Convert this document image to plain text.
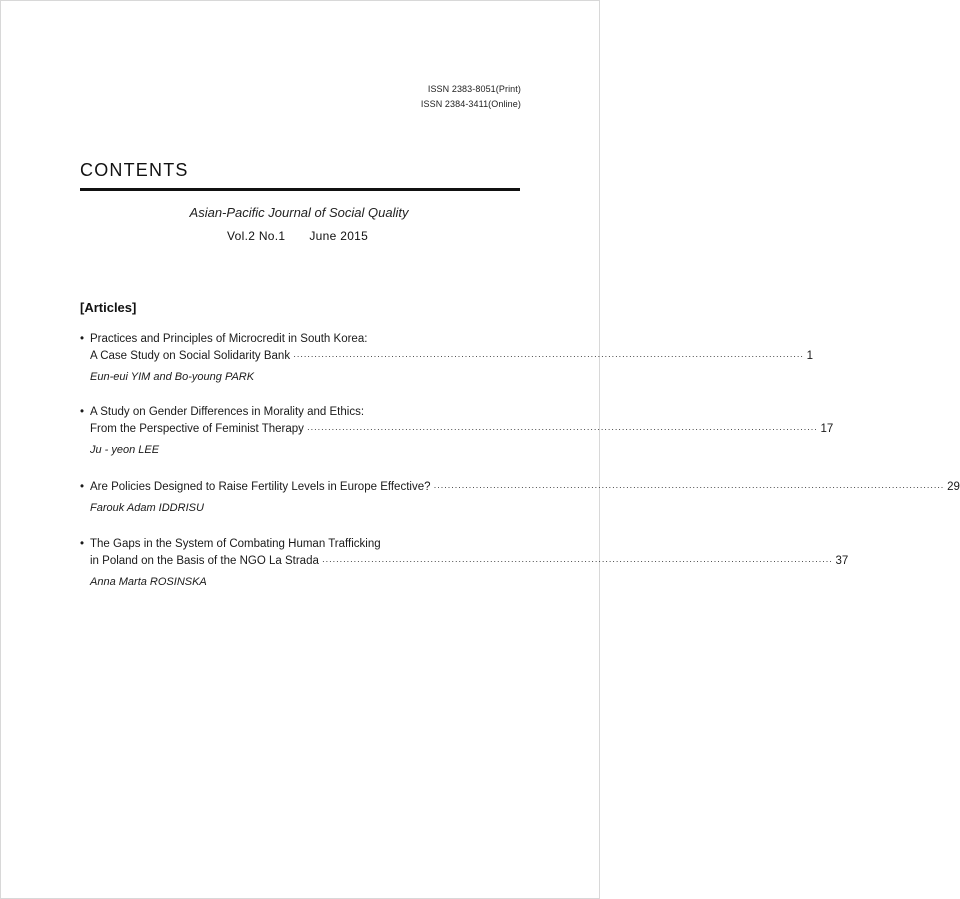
ISSN 2383-8051(Print)
ISSN 2384-3411(Online)
CONTENTS
Asian-Pacific Journal of Social Quality
Vol.2 No.1 June 2015
[Articles]
• Practices and Principles of Microcredit in South Korea:
A Case Study on Social Solidarity Bank ·················································································································································· 1
Eun-eui YIM and Bo-young PARK
• A Study on Gender Differences in Morality and Ethics:
From the Perspective of Feminist Therapy ·················································································································································· 17
Ju - yeon LEE
• Are Policies Designed to Raise Fertility Levels in Europe Effective? ·················································································································································· 29
Farouk Adam IDDRISU
• The Gaps in the System of Combating Human Trafficking
in Poland on the Basis of the NGO La Strada ·················································································································································· 37
Anna Marta ROSINSKA
